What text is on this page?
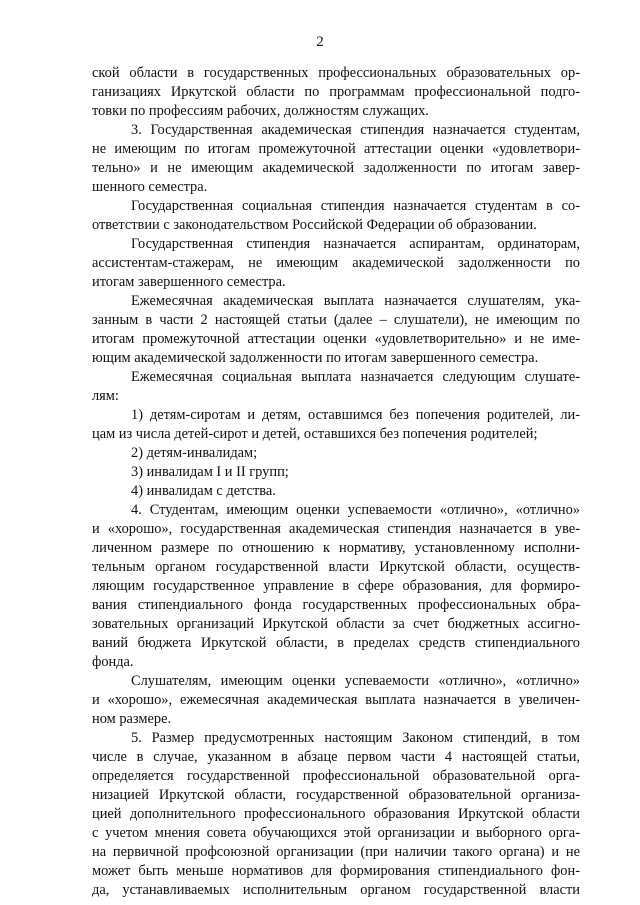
2
ской области в государственных профессиональных образовательных ор-
ганизациях Иркутской области по программам профессиональной подго-
товки по профессиям рабочих, должностям служащих.
3. Государственная академическая стипендия назначается студентам,
не имеющим по итогам промежуточной аттестации оценки «удовлетвори-
тельно» и не имеющим академической задолженности по итогам завер-
шенного семестра.
Государственная социальная стипендия назначается студентам в со-
ответствии с законодательством Российской Федерации об образовании.
Государственная стипендия назначается аспирантам, ординаторам,
ассистентам-стажерам, не имеющим академической задолженности по
итогам завершенного семестра.
Ежемесячная академическая выплата назначается слушателям, ука-
занным в части 2 настоящей статьи (далее – слушатели), не имеющим по
итогам промежуточной аттестации оценки «удовлетворительно» и не име-
ющим академической задолженности по итогам завершенного семестра.
Ежемесячная социальная выплата назначается следующим слушате-
лям:
1) детям-сиротам и детям, оставшимся без попечения родителей, ли-
цам из числа детей-сирот и детей, оставшихся без попечения родителей;
2) детям-инвалидам;
3) инвалидам I и II групп;
4) инвалидам с детства.
4. Студентам, имеющим оценки успеваемости «отлично», «отлично»
и «хорошо», государственная академическая стипендия назначается в уве-
личенном размере по отношению к нормативу, установленному исполни-
тельным органом государственной власти Иркутской области, осуществ-
ляющим государственное управление в сфере образования, для формиро-
вания стипендиального фонда государственных профессиональных обра-
зовательных организаций Иркутской области за счет бюджетных ассигно-
ваний бюджета Иркутской области, в пределах средств стипендиального
фонда.
Слушателям, имеющим оценки успеваемости «отлично», «отлично»
и «хорошо», ежемесячная академическая выплата назначается в увеличен-
ном размере.
5. Размер предусмотренных настоящим Законом стипендий, в том
числе в случае, указанном в абзаце первом части 4 настоящей статьи,
определяется государственной профессиональной образовательной орга-
низацией Иркутской области, государственной образовательной организа-
цией дополнительного профессионального образования Иркутской области
с учетом мнения совета обучающихся этой организации и выборного орга-
на первичной профсоюзной организации (при наличии такого органа) и не
может быть меньше нормативов для формирования стипендиального фон-
да, устанавливаемых исполнительным органом государственной власти
